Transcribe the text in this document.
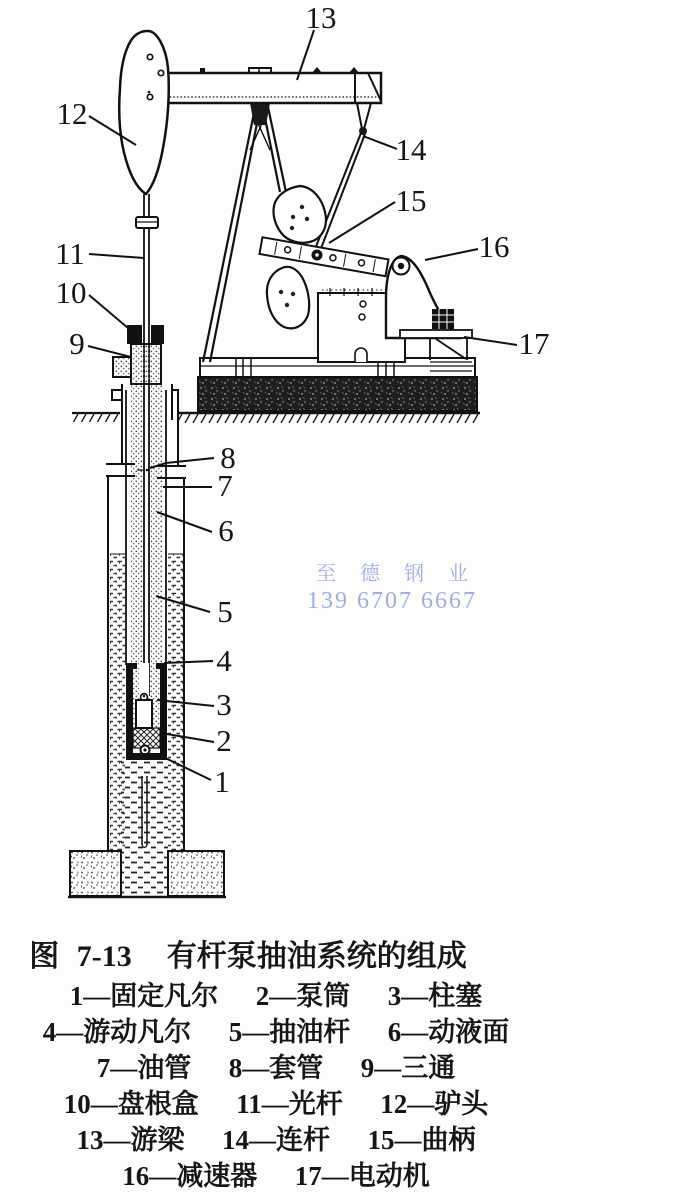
1
2
3
4
5
6
7
8
9
10
11
12
13
14
15
16
17
至德钢业
139 6707 6667
图 7-13  有杆泵抽油系统的组成
1—固定凡尔  2—泵筒  3—柱塞
4—游动凡尔  5—抽油杆  6—动液面
7—油管  8—套管  9—三通
10—盘根盒  11—光杆  12—驴头
13—游梁  14—连杆  15—曲柄
16—减速器  17—电动机
